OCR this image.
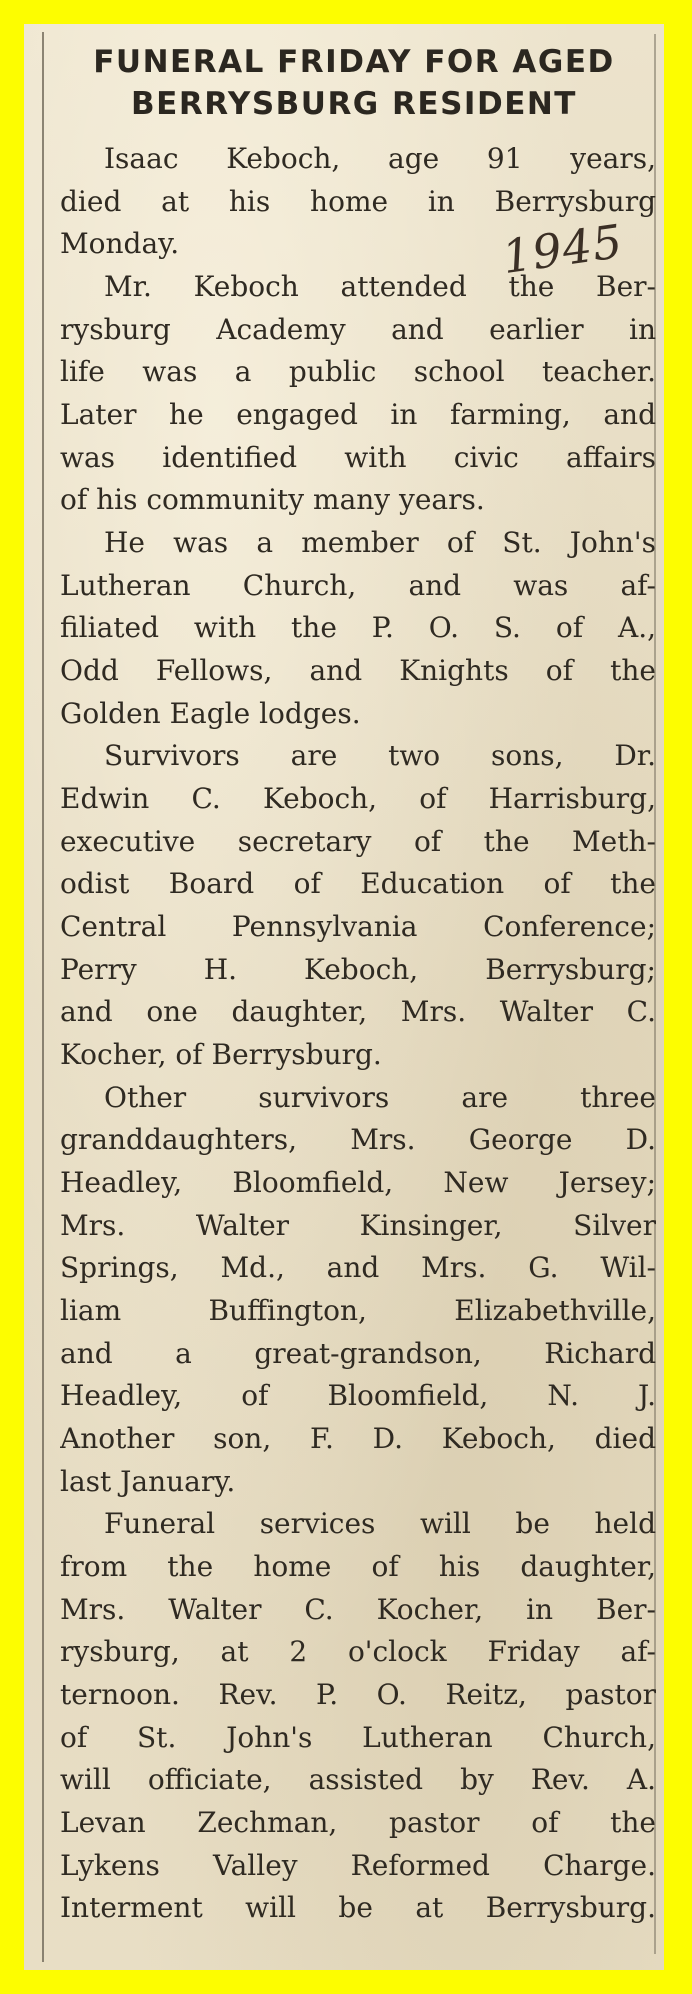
FUNERAL FRIDAY FOR AGED
BERRYSBURG RESIDENT
1945
Isaac Keboch, age 91 years,
died at his home in Berrysburg
Monday.
Mr. Keboch attended the Ber-
rysburg Academy and earlier in
life was a public school teacher.
Later he engaged in farming, and
was identified with civic affairs
of his community many years.
He was a member of St. John's
Lutheran Church, and was af-
filiated with the P. O. S. of A.,
Odd Fellows, and Knights of the
Golden Eagle lodges.
Survivors are two sons, Dr.
Edwin C. Keboch, of Harrisburg,
executive secretary of the Meth-
odist Board of Education of the
Central Pennsylvania Conference;
Perry H. Keboch, Berrysburg;
and one daughter, Mrs. Walter C.
Kocher, of Berrysburg.
Other survivors are three
granddaughters, Mrs. George D.
Headley, Bloomfield, New Jersey;
Mrs. Walter Kinsinger, Silver
Springs, Md., and Mrs. G. Wil-
liam Buffington, Elizabethville,
and a great-grandson, Richard
Headley, of Bloomfield, N. J.
Another son, F. D. Keboch, died
last January.
Funeral services will be held
from the home of his daughter,
Mrs. Walter C. Kocher, in Ber-
rysburg, at 2 o'clock Friday af-
ternoon. Rev. P. O. Reitz, pastor
of St. John's Lutheran Church,
will officiate, assisted by Rev. A.
Levan Zechman, pastor of the
Lykens Valley Reformed Charge.
Interment will be at Berrysburg.
